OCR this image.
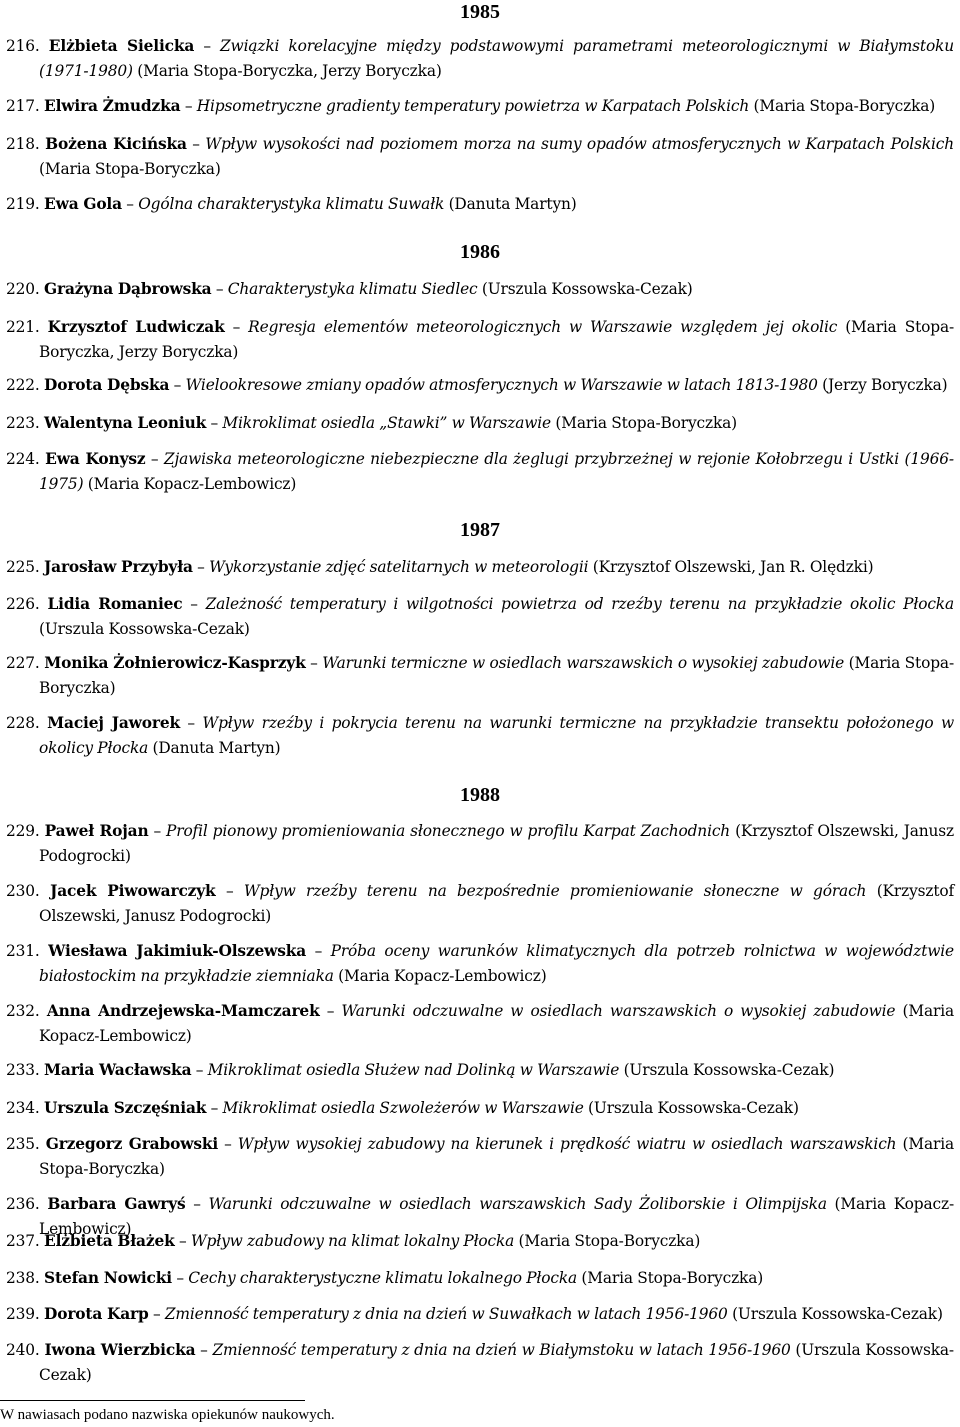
1985
216. Elżbieta Sielicka – Związki korelacyjne między podstawowymi parametrami meteorologicznymi w Białymstoku (1971-1980) (Maria Stopa-Boryczka, Jerzy Boryczka)
217. Elwira Żmudzka – Hipsometryczne gradienty temperatury powietrza w Karpatach Polskich (Maria Stopa-Boryczka)
218. Bożena Kicińska – Wpływ wysokości nad poziomem morza na sumy opadów atmosferycznych w Karpatach Polskich (Maria Stopa-Boryczka)
219. Ewa Gola – Ogólna charakterystyka klimatu Suwałk (Danuta Martyn)
1986
220. Grażyna Dąbrowska – Charakterystyka klimatu Siedlec (Urszula Kossowska-Cezak)
221. Krzysztof Ludwiczak – Regresja elementów meteorologicznych w Warszawie względem jej okolic (Maria Stopa-Boryczka, Jerzy Boryczka)
222. Dorota Dębska – Wielookresowe zmiany opadów atmosferycznych w Warszawie w latach 1813-1980 (Jerzy Boryczka)
223. Walentyna Leoniuk – Mikroklimat osiedla „Stawki” w Warszawie (Maria Stopa-Boryczka)
224. Ewa Konysz – Zjawiska meteorologiczne niebezpieczne dla żeglugi przybrzeżnej w rejonie Kołobrzegu i Ustki (1966-1975) (Maria Kopacz-Lembowicz)
1987
225. Jarosław Przybyła – Wykorzystanie zdjęć satelitarnych w meteorologii (Krzysztof Olszewski, Jan R. Olędzki)
226. Lidia Romaniec – Zależność temperatury i wilgotności powietrza od rzeźby terenu na przykładzie okolic Płocka (Urszula Kossowska-Cezak)
227. Monika Żołnierowicz-Kasprzyk – Warunki termiczne w osiedlach warszawskich o wysokiej zabudowie (Maria Stopa-Boryczka)
228. Maciej Jaworek – Wpływ rzeźby i pokrycia terenu na warunki termiczne na przykładzie transektu położonego w okolicy Płocka (Danuta Martyn)
1988
229. Paweł Rojan – Profil pionowy promieniowania słonecznego w profilu Karpat Zachodnich (Krzysztof Olszewski, Janusz Podogrocki)
230. Jacek Piwowarczyk – Wpływ rzeźby terenu na bezpośrednie promieniowanie słoneczne w górach (Krzysztof Olszewski, Janusz Podogrocki)
231. Wiesława Jakimiuk-Olszewska – Próba oceny warunków klimatycznych dla potrzeb rolnictwa w województwie białostockim na przykładzie ziemniaka (Maria Kopacz-Lembowicz)
232. Anna Andrzejewska-Mamczarek – Warunki odczuwalne w osiedlach warszawskich o wysokiej zabudowie (Maria Kopacz-Lembowicz)
233. Maria Wacławska – Mikroklimat osiedla Służew nad Dolinką w Warszawie (Urszula Kossowska-Cezak)
234. Urszula Szczęśniak – Mikroklimat osiedla Szwoleżerów w Warszawie (Urszula Kossowska-Cezak)
235. Grzegorz Grabowski – Wpływ wysokiej zabudowy na kierunek i prędkość wiatru w osiedlach warszawskich (Maria Stopa-Boryczka)
236. Barbara Gawryś – Warunki odczuwalne w osiedlach warszawskich Sady Żoliborskie i Olimpijska (Maria Kopacz-Lembowicz)
237. Elżbieta Błażek – Wpływ zabudowy na klimat lokalny Płocka (Maria Stopa-Boryczka)
238. Stefan Nowicki – Cechy charakterystyczne klimatu lokalnego Płocka (Maria Stopa-Boryczka)
239. Dorota Karp – Zmienność temperatury z dnia na dzień w Suwałkach w latach 1956-1960 (Urszula Kossowska-Cezak)
240. Iwona Wierzbicka – Zmienność temperatury z dnia na dzień w Białymstoku w latach 1956-1960 (Urszula Kossowska-Cezak)
W nawiasach podano nazwiska opiekunów naukowych.
